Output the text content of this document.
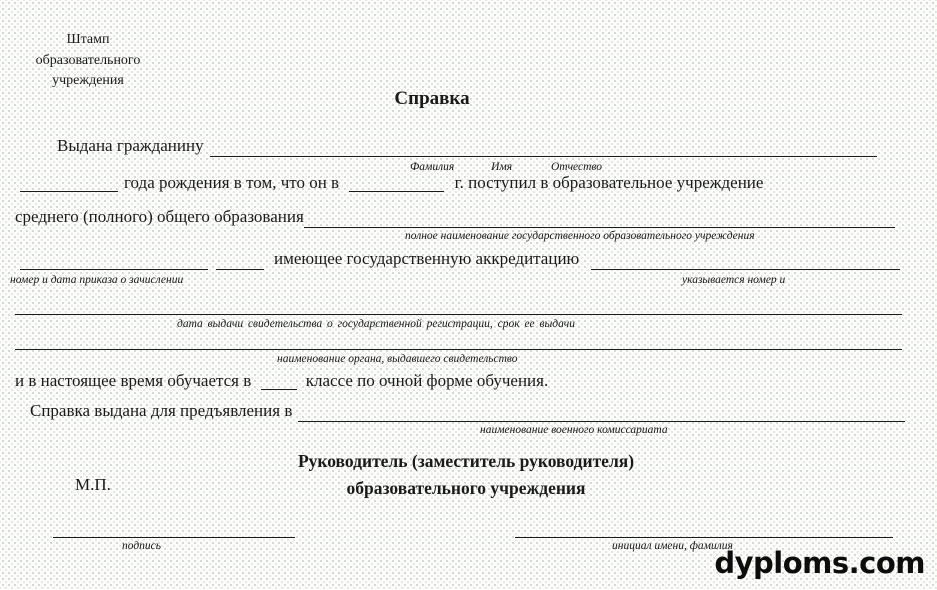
Штамп
образовательного
учреждения
Справка
Выдана гражданину
Фамилия	Имя	Отчество
года рождения в том, что он в	г. поступил в образовательное учреждение
среднего (полного) общего образования
полное наименование государственного образовательного учреждения
имеющее государственную аккредитацию
номер и дата приказа о зачислении	указывается номер и
дата выдачи свидетельства о государственной регистрации, срок ее выдачи
наименование органа, выдавшего свидетельство
и в настоящее время обучается в	классе по очной форме обучения.
Справка выдана для предъявления в
наименование военного комиссариата
Руководитель (заместитель руководителя)
образовательного учреждения
М.П.
подпись	инициал имени, фамилия
dyploms.com
